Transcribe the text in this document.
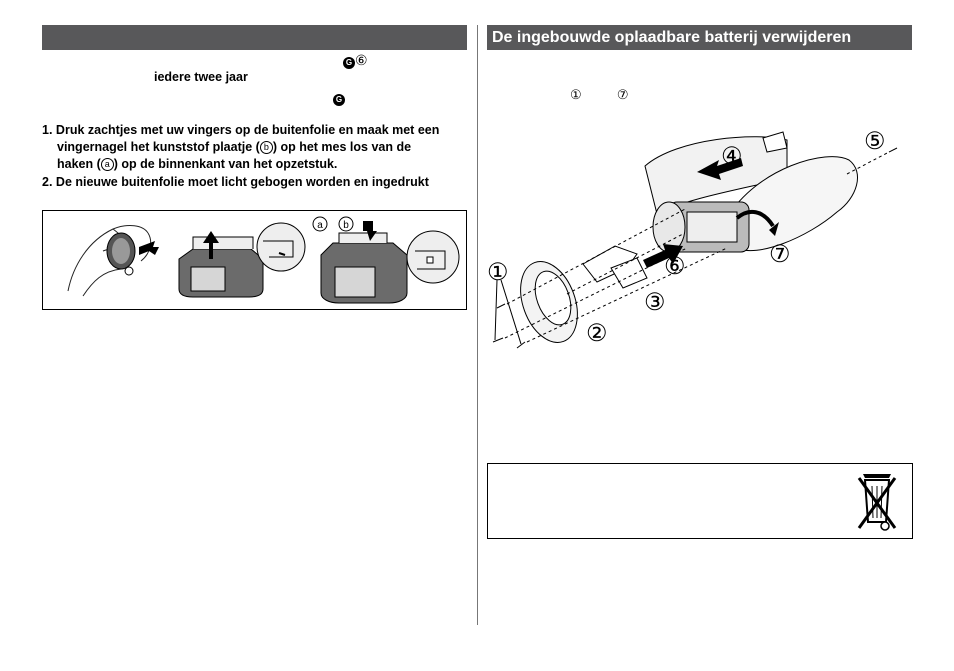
G ⑥
iedere twee jaar
G
1. Druk zachtjes met uw vingers op de buitenfolie en maak met een
vingernagel het kunststof plaatje ( b ) op het mes los van de
haken ( a ) op de binnenkant van het opzetstuk.
2. De nieuwe buitenfolie moet licht gebogen worden en ingedrukt
a b
De ingebouwde oplaadbare batterij verwijderen
①	⑦
①
②
③
④
⑤
⑥	⑦
